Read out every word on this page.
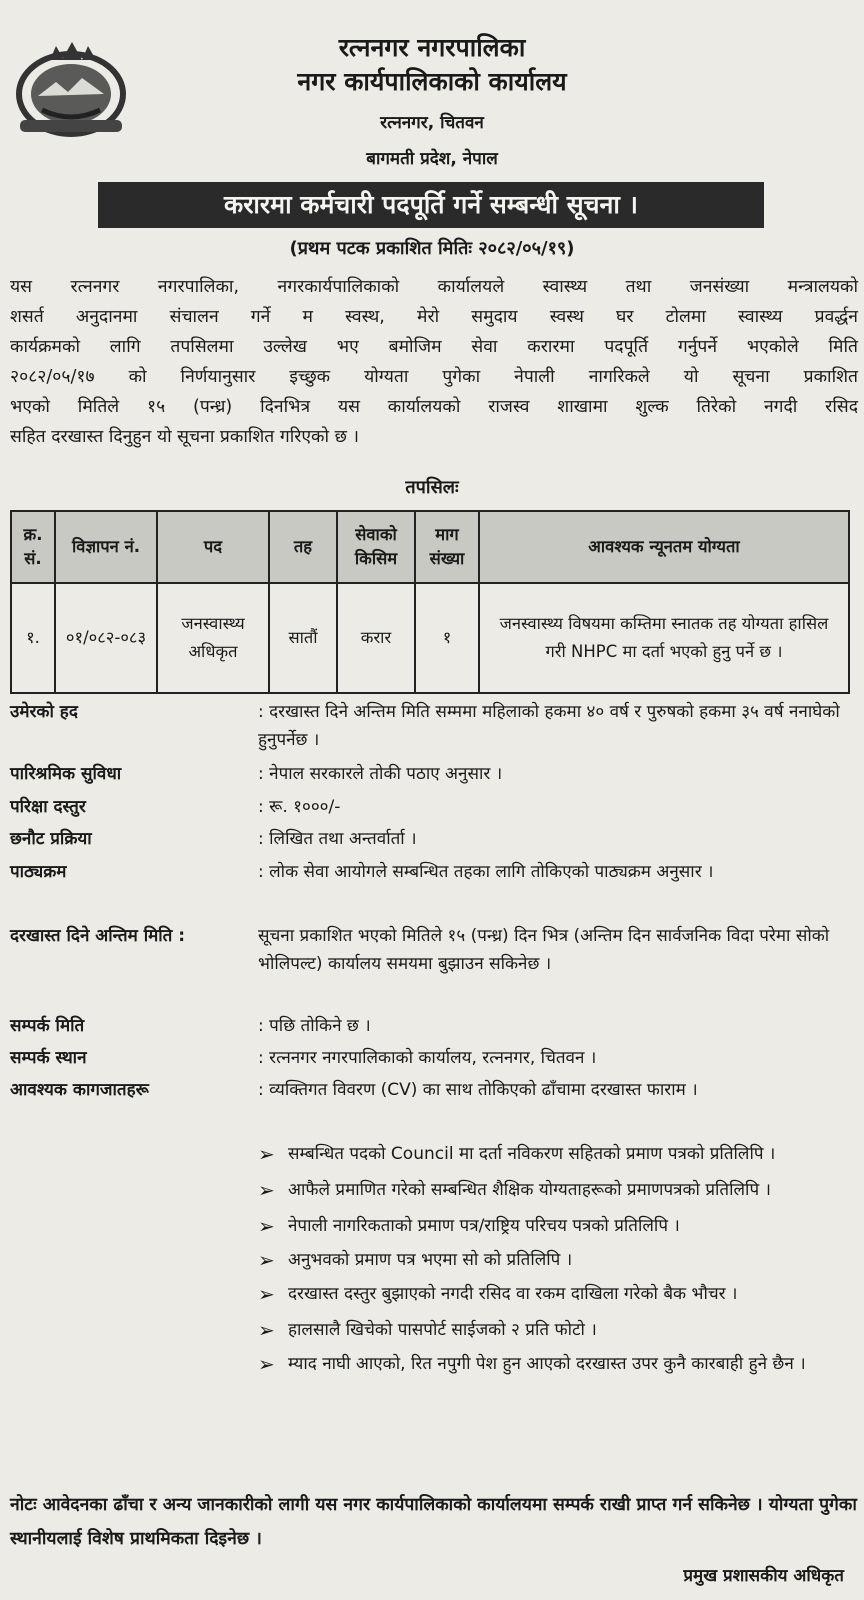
रत्ननगर नगरपालिका
नगर कार्यपालिकाको कार्यालय
रत्ननगर, चितवन
बागमती प्रदेश, नेपाल
करारमा कर्मचारी पदपूर्ति गर्ने सम्बन्धी सूचना ।
(प्रथम पटक प्रकाशित मितिः २०८२/०५/१९)
यस रत्ननगर नगरपालिका, नगरकार्यपालिकाको कार्यालयले स्वास्थ्य तथा जनसंख्या मन्त्रालयको
शसर्त अनुदानमा संचालन गर्ने म स्वस्थ, मेरो समुदाय स्वस्थ घर टोलमा स्वास्थ्य प्रवर्द्धन
कार्यक्रमको लागि तपसिलमा उल्लेख भए बमोजिम सेवा करारमा पदपूर्ति गर्नुपर्ने भएकोले मिति
२०८२/०५/१७ को निर्णयानुसार इच्छुक योग्यता पुगेका नेपाली नागरिकले यो सूचना प्रकाशित
भएको मितिले १५ (पन्ध्र) दिनभित्र यस कार्यालयको राजस्व शाखामा शुल्क तिरेको नगदी रसिद
सहित दरखास्त दिनुहुन यो सूचना प्रकाशित गरिएको छ ।
तपसिलः
क्र. सं.	विज्ञापन नं.	पद	तह	सेवाको किसिम	माग संख्या	आवश्यक न्यूनतम योग्यता
१.	०१/०८२-०८३	जनस्वास्थ्य अधिकृत	सातौं	करार	१	जनस्वास्थ्य विषयमा कम्तिमा स्नातक तह योग्यता हासिल गरी NHPC मा दर्ता भएको हुनु पर्ने छ ।
उमेरको हद	: दरखास्त दिने अन्तिम मिति सम्ममा महिलाको हकमा ४० वर्ष र पुरुषको हकमा ३५ वर्ष ननाघेको हुनुपर्नेछ ।
पारिश्रमिक सुविधा	: नेपाल सरकारले तोकी पठाए अनुसार ।
परिक्षा दस्तुर	: रू. १०००/-
छनौट प्रक्रिया	: लिखित तथा अन्तर्वार्ता ।
पाठ्यक्रम	: लोक सेवा आयोगले सम्बन्धित तहका लागि तोकिएको पाठ्यक्रम अनुसार ।
दरखास्त दिने अन्तिम मिति :	सूचना प्रकाशित भएको मितिले १५ (पन्ध्र) दिन भित्र (अन्तिम दिन सार्वजनिक विदा परेमा सोको भोलिपल्ट) कार्यालय समयमा बुझाउन सकिनेछ ।
सम्पर्क मिति	: पछि तोकिने छ ।
सम्पर्क स्थान	: रत्ननगर नगरपालिकाको कार्यालय, रत्ननगर, चितवन ।
आवश्यक कागजातहरू	: व्यक्तिगत विवरण (CV) का साथ तोकिएको ढाँचामा दरखास्त फाराम ।
➢ सम्बन्धित पदको Council मा दर्ता नविकरण सहितको प्रमाण पत्रको प्रतिलिपि ।
➢ आफैले प्रमाणित गरेको सम्बन्धित शैक्षिक योग्यताहरूको प्रमाणपत्रको प्रतिलिपि ।
➢ नेपाली नागरिकताको प्रमाण पत्र/राष्ट्रिय परिचय पत्रको प्रतिलिपि ।
➢ अनुभवको प्रमाण पत्र भएमा सो को प्रतिलिपि ।
➢ दरखास्त दस्तुर बुझाएको नगदी रसिद वा रकम दाखिला गरेको बैक भौचर ।
➢ हालसालै खिचेको पासपोर्ट साईजको २ प्रति फोटो ।
➢ म्याद नाघी आएको, रित नपुगी पेश हुन आएको दरखास्त उपर कुनै कारबाही हुने छैन ।
नोटः आवेदनका ढाँचा र अन्य जानकारीको लागी यस नगर कार्यपालिकाको कार्यालयमा सम्पर्क राखी प्राप्त गर्न सकिनेछ । योग्यता पुगेका स्थानीयलाई विशेष प्राथमिकता दिइनेछ ।
प्रमुख प्रशासकीय अधिकृत
